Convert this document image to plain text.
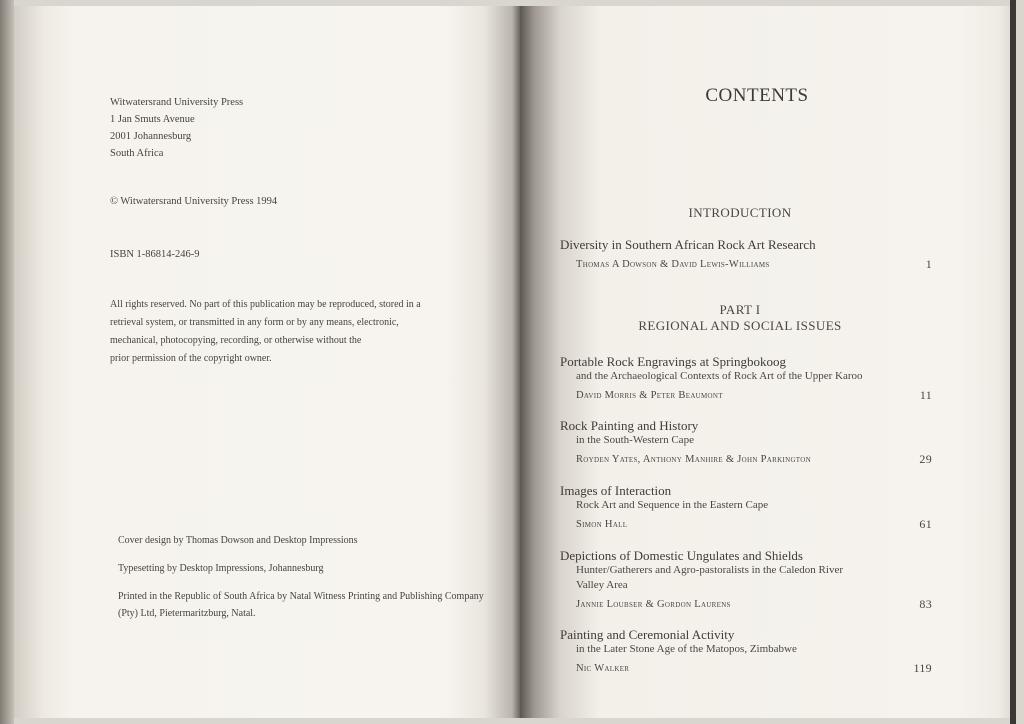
Witwatersrand University Press
1 Jan Smuts Avenue
2001 Johannesburg
South Africa
© Witwatersrand University Press 1994
ISBN 1-86814-246-9
All rights reserved. No part of this publication may be reproduced, stored in a
retrieval system, or transmitted in any form or by any means, electronic,
mechanical, photocopying, recording, or otherwise without the
prior permission of the copyright owner.

Cover design by Thomas Dowson and Desktop Impressions

Typesetting by Desktop Impressions, Johannesburg

Printed in the Republic of South Africa by Natal Witness Printing and Publishing Company (Pty) Ltd, Pietermaritzburg, Natal.

CONTENTS
INTRODUCTION
Diversity in Southern African Rock Art Research
Thomas A Dowson & David Lewis-Williams	1
PART I
REGIONAL AND SOCIAL ISSUES
Portable Rock Engravings at Springbokoog
and the Archaeological Contexts of Rock Art of the Upper Karoo
David Morris & Peter Beaumont	11
Rock Painting and History
in the South-Western Cape
Royden Yates, Anthony Manhire & John Parkington	29
Images of Interaction
Rock Art and Sequence in the Eastern Cape
Simon Hall	61
Depictions of Domestic Ungulates and Shields
Hunter/Gatherers and Agro-pastoralists in the Caledon River
Valley Area
Jannie Loubser & Gordon Laurens	83
Painting and Ceremonial Activity
in the Later Stone Age of the Matopos, Zimbabwe
Nic Walker	119
